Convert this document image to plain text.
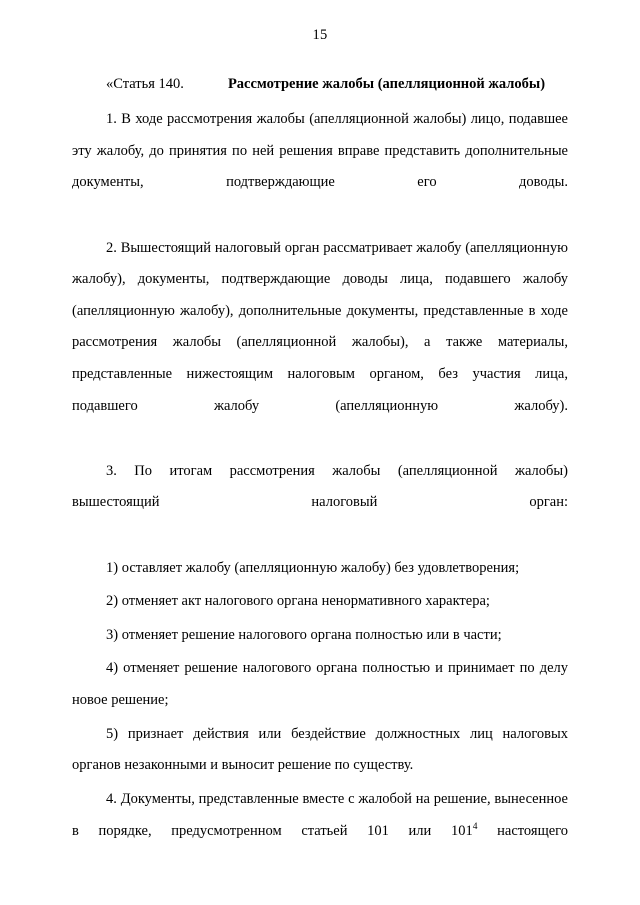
15
«Статья 140.	Рассмотрение жалобы (апелляционной жалобы)

1. В ходе рассмотрения жалобы (апелляционной жалобы) лицо, подавшее эту жалобу, до принятия по ней решения вправе представить дополнительные документы, подтверждающие его доводы.

2. Вышестоящий налоговый орган рассматривает жалобу (апелляционную жалобу), документы, подтверждающие доводы лица, подавшего жалобу (апелляционную жалобу), дополнительные документы, представленные в ходе рассмотрения жалобы (апелляционной жалобы), а также материалы, представленные нижестоящим налоговым органом, без участия лица, подавшего жалобу (апелляционную жалобу).

3. По итогам рассмотрения жалобы (апелляционной жалобы) вышестоящий налоговый орган:

1) оставляет жалобу (апелляционную жалобу) без удовлетворения;

2) отменяет акт налогового органа ненормативного характера;

3) отменяет решение налогового органа полностью или в части;

4) отменяет решение налогового органа полностью и принимает по делу новое решение;

5) признает действия или бездействие должностных лиц налоговых органов незаконными и выносит решение по существу.

4. Документы, представленные вместе с жалобой на решение, вынесенное в порядке, предусмотренном статьей 101 или $101^4$ настоящего
